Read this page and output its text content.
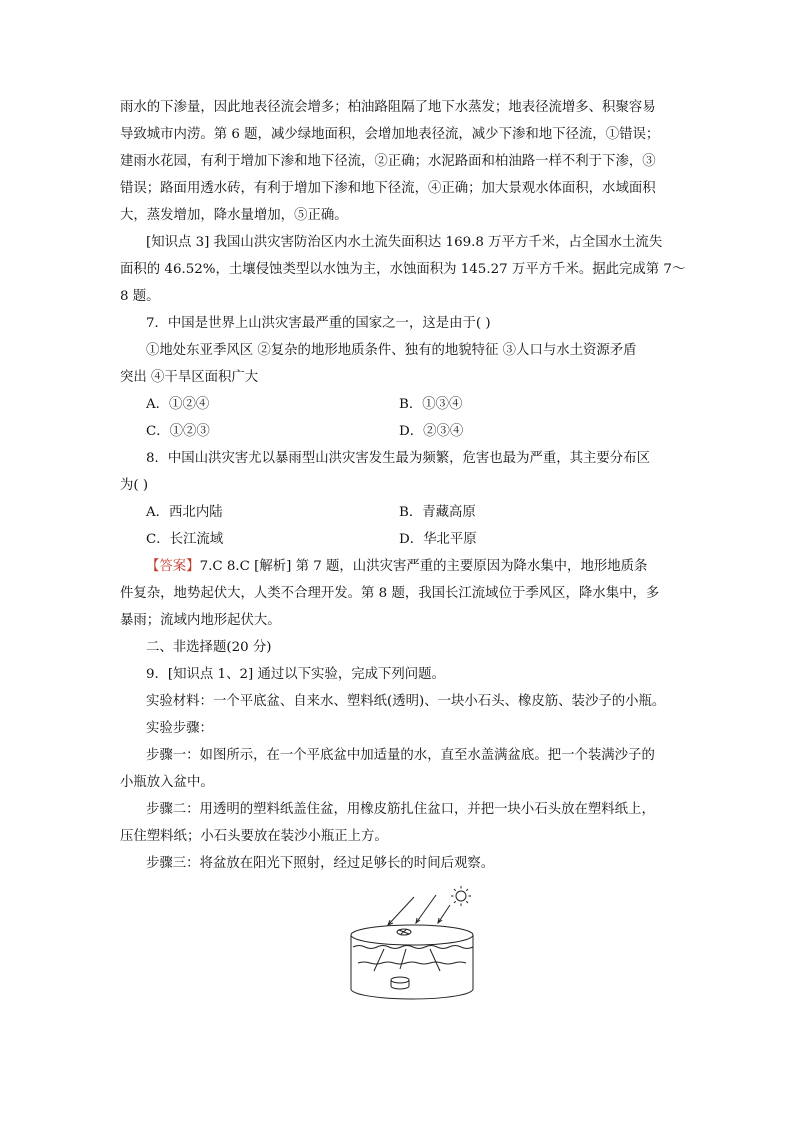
雨水的下渗量，因此地表径流会增多；柏油路阻隔了地下水蒸发；地表径流增多、积聚容易
导致城市内涝。第 6 题，减少绿地面积，会增加地表径流，减少下渗和地下径流，①错误；
建雨水花园，有利于增加下渗和地下径流，②正确；水泥路面和柏油路一样不利于下渗，③
错误；路面用透水砖，有利于增加下渗和地下径流，④正确；加大景观水体面积，水域面积
大，蒸发增加，降水量增加，⑤正确。
[知识点 3] 我国山洪灾害防治区内水土流失面积达 169.8 万平方千米，占全国水土流失
面积的 46.52%，土壤侵蚀类型以水蚀为主，水蚀面积为 145.27 万平方千米。据此完成第 7～
8 题。
7．中国是世界上山洪灾害最严重的国家之一，这是由于( )
①地处东亚季风区 ②复杂的地形地质条件、独有的地貌特征 ③人口与水土资源矛盾
突出 ④干旱区面积广大
A．①②④	B．①③④
C．①②③	D．②③④
8．中国山洪灾害尤以暴雨型山洪灾害发生最为频繁，危害也最为严重，其主要分布区
为( )
A．西北内陆	B．青藏高原
C．长江流域	D．华北平原
【答案】7.C 8.C [解析] 第 7 题，山洪灾害严重的主要原因为降水集中，地形地质条
件复杂，地势起伏大，人类不合理开发。第 8 题，我国长江流域位于季风区，降水集中，多
暴雨；流域内地形起伏大。
二、非选择题(20 分)
9．[知识点 1、2] 通过以下实验，完成下列问题。
实验材料：一个平底盆、自来水、塑料纸(透明)、一块小石头、橡皮筋、装沙子的小瓶。
实验步骤：
步骤一：如图所示，在一个平底盆中加适量的水，直至水盖满盆底。把一个装满沙子的
小瓶放入盆中。
步骤二：用透明的塑料纸盖住盆，用橡皮筋扎住盆口，并把一块小石头放在塑料纸上，
压住塑料纸；小石头要放在装沙小瓶正上方。
步骤三：将盆放在阳光下照射，经过足够长的时间后观察。
